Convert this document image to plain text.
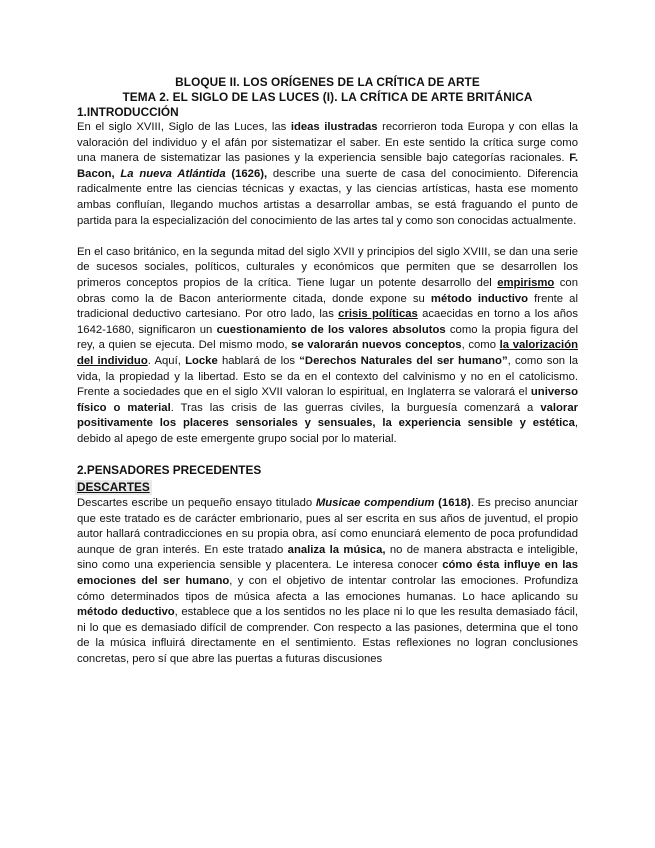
BLOQUE II. LOS ORÍGENES DE LA CRÍTICA DE ARTE

TEMA 2. EL SIGLO DE LAS LUCES (I). LA CRÍTICA DE ARTE BRITÁNICA

1.INTRODUCCIÓN

En el siglo XVIII, Siglo de las Luces, las ideas ilustradas recorrieron toda Europa y con ellas la valoración del individuo y el afán por sistematizar el saber. En este sentido la crítica surge como una manera de sistematizar las pasiones y la experiencia sensible bajo categorías racionales. F. Bacon, La nueva Atlántida (1626), describe una suerte de casa del conocimiento. Diferencia radicalmente entre las ciencias técnicas y exactas, y las ciencias artísticas, hasta ese momento ambas confluían, llegando muchos artistas a desarrollar ambas, se está fraguando el punto de partida para la especialización del conocimiento de las artes tal y como son conocidas actualmente.

En el caso británico, en la segunda mitad del siglo XVII y principios del siglo XVIII, se dan una serie de sucesos sociales, políticos, culturales y económicos que permiten que se desarrollen los primeros conceptos propios de la crítica. Tiene lugar un potente desarrollo del empirismo con obras como la de Bacon anteriormente citada, donde expone su método inductivo frente al tradicional deductivo cartesiano. Por otro lado, las crisis políticas acaecidas en torno a los años 1642-1680, significaron un cuestionamiento de los valores absolutos como la propia figura del rey, a quien se ejecuta. Del mismo modo, se valorarán nuevos conceptos, como la valorización del individuo. Aquí, Locke hablará de los “Derechos Naturales del ser humano”, como son la vida, la propiedad y la libertad. Esto se da en el contexto del calvinismo y no en el catolicismo. Frente a sociedades que en el siglo XVII valoran lo espiritual, en Inglaterra se valorará el universo físico o material. Tras las crisis de las guerras civiles, la burguesía comenzará a valorar positivamente los placeres sensoriales y sensuales, la experiencia sensible y estética, debido al apego de este emergente grupo social por lo material.

2.PENSADORES PRECEDENTES

DESCARTES

Descartes escribe un pequeño ensayo titulado Musicae compendium (1618). Es preciso anunciar que este tratado es de carácter embrionario, pues al ser escrita en sus años de juventud, el propio autor hallará contradicciones en su propia obra, así como enunciará elemento de poca profundidad aunque de gran interés. En este tratado analiza la música, no de manera abstracta e inteligible, sino como una experiencia sensible y placentera. Le interesa conocer cómo ésta influye en las emociones del ser humano, y con el objetivo de intentar controlar las emociones. Profundiza cómo determinados tipos de música afecta a las emociones humanas. Lo hace aplicando su método deductivo, establece que a los sentidos no les place ni lo que les resulta demasiado fácil, ni lo que es demasiado difícil de comprender. Con respecto a las pasiones, determina que el tono de la música influirá directamente en el sentimiento. Estas reflexiones no logran conclusiones concretas, pero sí que abre las puertas a futuras discusiones
